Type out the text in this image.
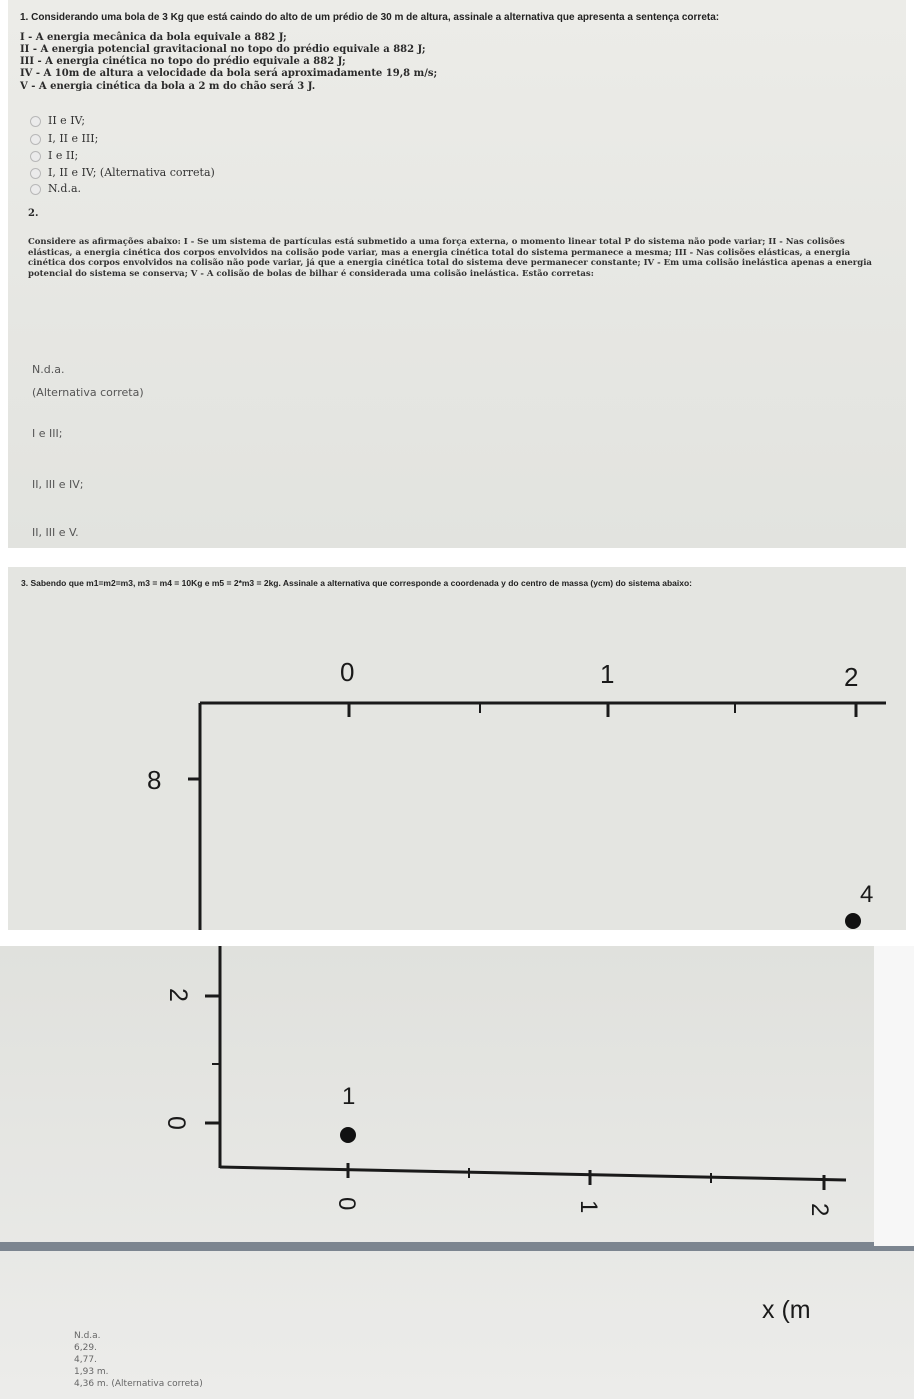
1. Considerando uma bola de 3 Kg que está caindo do alto de um prédio de 30 m de altura, assinale a alternativa que apresenta a sentença correta:
I - A energia mecânica da bola equivale a 882 J;
II - A energia potencial gravitacional no topo do prédio equivale a 882 J;
III - A energia cinética no topo do prédio equivale a 882 J;
IV - A 10m de altura a velocidade da bola será aproximadamente 19,8 m/s;
V - A energia cinética da bola a 2 m do chão será 3 J.
II e IV;
I, II e III;
I e II;
I, II e IV; (Alternativa correta)
N.d.a.
2.
Considere as afirmações abaixo: I - Se um sistema de partículas está submetido a uma força externa, o momento linear total P do sistema não pode variar; II - Nas colisões elásticas, a energia cinética dos corpos envolvidos na colisão pode variar, mas a energia cinética total do sistema permanece a mesma; III - Nas colisões elásticas, a energia cinética dos corpos envolvidos na colisão não pode variar, já que a energia cinética total do sistema deve permanecer constante; IV - Em uma colisão inelástica apenas a energia potencial do sistema se conserva; V - A colisão de bolas de bilhar é considerada uma colisão inelástica. Estão corretas:
N.d.a.
(Alternativa correta)
I e III;
II, III e IV;
II, III e V.
3. Sabendo que m1=m2=m3, m3 = m4 = 10Kg e m5 = 2*m3 = 2kg. Assinale a alternativa que corresponde a coordenada y do centro de massa (ycm) do sistema abaixo:
0	1	2
8
4
2
0
1
0	1	2
x (m
N.d.a.
6,29.
4,77.
1,93 m.
4,36 m. (Alternativa correta)
